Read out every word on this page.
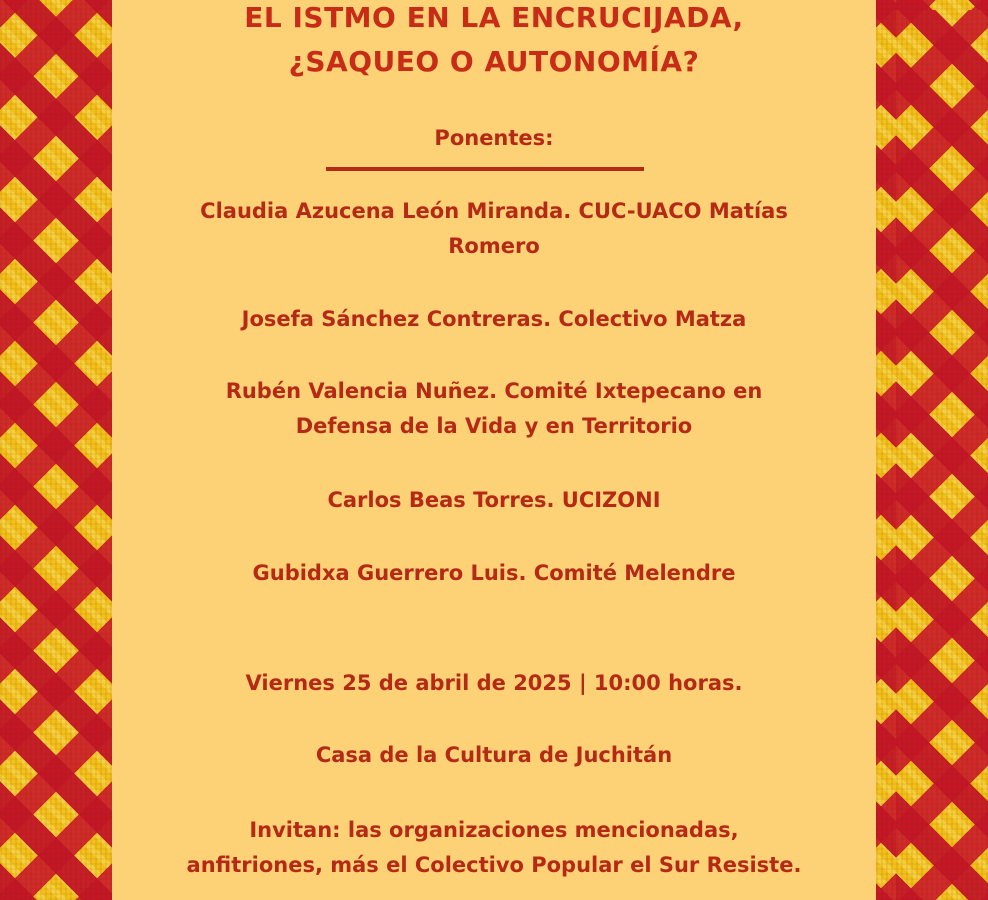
EL ISTMO EN LA ENCRUCIJADA,
¿SAQUEO O AUTONOMÍA?
Ponentes:
Claudia Azucena León Miranda. CUC-UACO Matías
Romero
Josefa Sánchez Contreras. Colectivo Matza
Rubén Valencia Nuñez. Comité Ixtepecano en
Defensa de la Vida y en Territorio
Carlos Beas Torres. UCIZONI
Gubidxa Guerrero Luis. Comité Melendre
Viernes 25 de abril de 2025 | 10:00 horas.
Casa de la Cultura de Juchitán
Invitan: las organizaciones mencionadas,
anfitriones, más el Colectivo Popular el Sur Resiste.
